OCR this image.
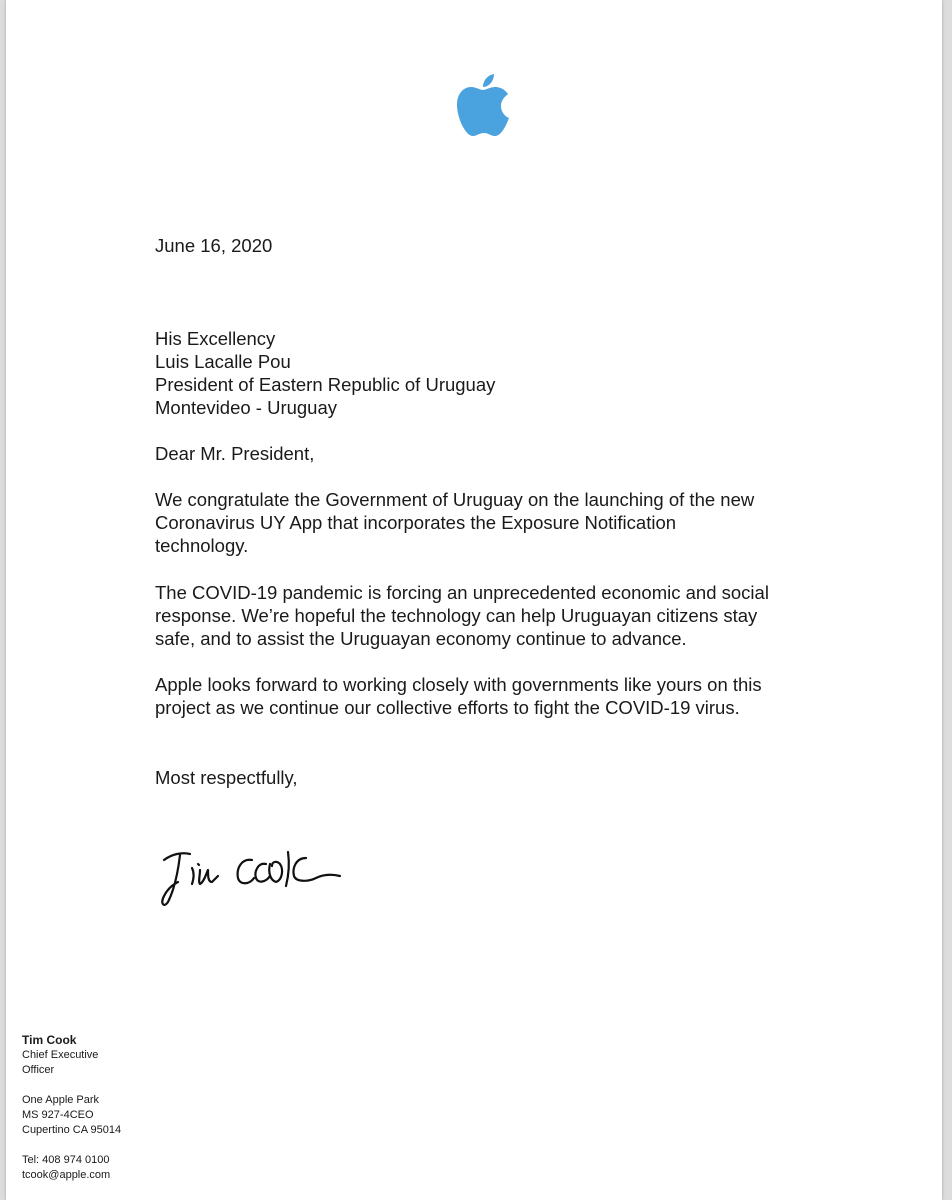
June 16, 2020
His Excellency
Luis Lacalle Pou
President of Eastern Republic of Uruguay
Montevideo - Uruguay
Dear Mr. President,
We congratulate the Government of Uruguay on the launching of the new
Coronavirus UY App that incorporates the Exposure Notification
technology.
The COVID-19 pandemic is forcing an unprecedented economic and social
response. We’re hopeful the technology can help Uruguayan citizens stay
safe, and to assist the Uruguayan economy continue to advance.
Apple looks forward to working closely with governments like yours on this
project as we continue our collective efforts to fight the COVID-19 virus.
Most respectfully,
Tim Cook
Chief Executive
Officer
One Apple Park
MS 927-4CEO
Cupertino CA 95014
Tel: 408 974 0100
tcook@apple.com
